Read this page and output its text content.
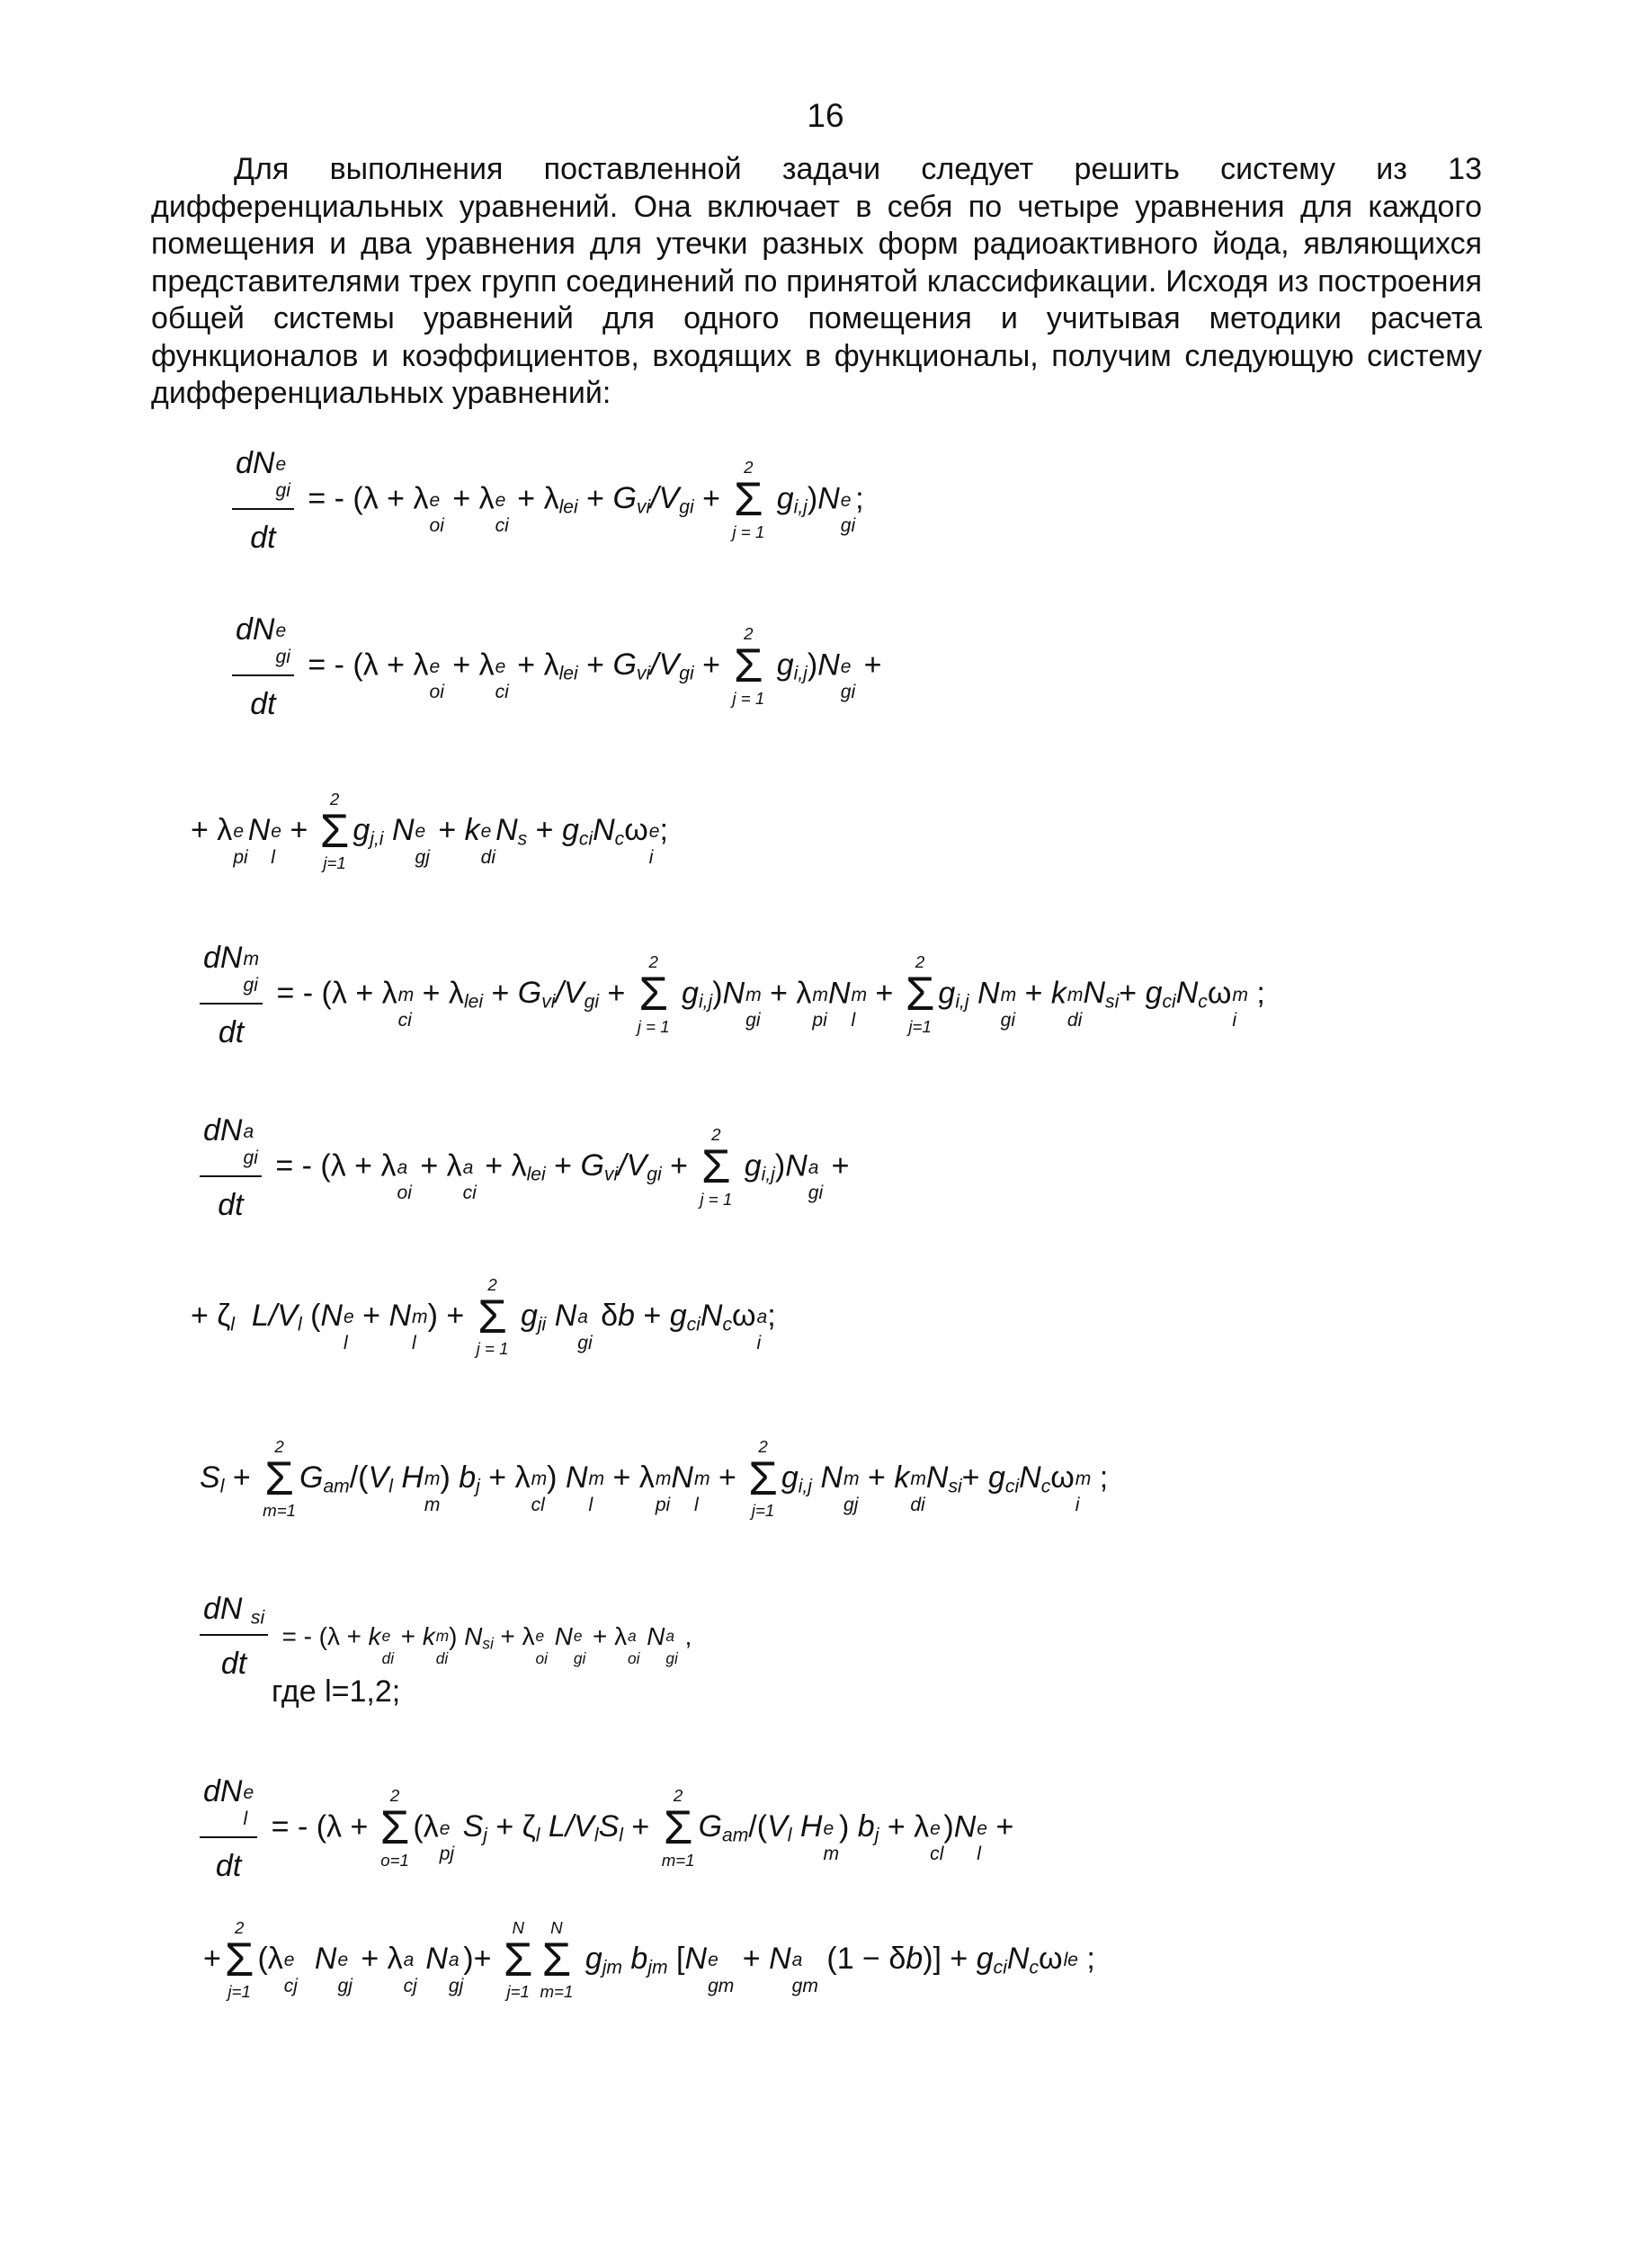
16

Для выполнения поставленной задачи следует решить систему из 13 дифференциальных уравнений. Она включает в себя по четыре уравнения для каждого помещения и два уравнения для утечки разных форм радиоактивного йода, являющихся представителями трех групп соединений по принятой классификации. Исходя из построения общей системы уравнений для одного помещения и учитывая методики расчета функционалов и коэффициентов, входящих в функционалы, получим следующую систему дифференциальных уравнений:

dN e
gi
dt = - (λ + λ e
oi
+ λ e
ci
+ $\lambda_{lei} + G_{vi}/V_{gi}$ +
2
Σ
j = 1
$g_{i,j})N$ e
gi
;
dN e
gi
dt = - (λ + λ e
oi
+ λ e
ci
+ $\lambda_{lei} + G_{vi}/V_{gi}$ +
2
Σ
j = 1
$g_{i,j})N$ e
gi
+
+ λ e
pi
N e
l
+
2
Σ
j=1
$g_{j,i}$ N e
gj
+ k e
di
$N_s + g_{ci}N_c\omega$ e
i
;
dN m
gi
dt = - (λ + λ m
ci
+ $\lambda_{lei} + G_{vi}/V_{gi}$ +
2
Σ
j = 1
$g_{i,j})N$ m
gi
+ λ m
pi
N m
l
+
2
Σ
j=1
$g_{i,j}$ N m
gi
+ k m
di
$N_{si}+ g_{ci}N_c\omega$ m
i
;
dN a
gi
dt = - (λ + λ a
oi
+ λ a
ci
+ $\lambda_{lei} + G_{vi}/V_{gi}$ +
2
Σ
j = 1
$g_{i,j})N$ a
gi
+
+ $\zeta_l$ $L/V_l$ (N e
l
+ N m
l
) +
2
Σ
j = 1
$g_{ji}$ N a
gi
$\delta b + g_{ci}N_c\omega$ a
i
;
$S_l$ +
2
Σ
m=1
$G_{am}/(V_l$ H m
m
) $b_j + \lambda$ m
cl
) N m
l
+ λ m
pi
N m
l
+
2
Σ
j=1
$g_{i,j}$ N m
gj
+ k m
di
$N_{si}+ g_{ci}N_c\omega$ m
i
;
$\frac{dN _{si}}{dt}$ = - (λ + k e
di
+ k m
di
) $N_{si} + \lambda$ e
oi
N e
gi
+ λ a
oi
N a
gi
,
где l=1,2;
dN e
l
dt = - (λ +
2
Σ
o=1
(λ e
pj
$S_j + \zeta_l$ $L/V_lS_l$ +
2
Σ
m=1
$G_{am}/(V_l$ H e
m
) $b_j + \lambda$ e
cl
)N e
l
+
+
2
Σ
j=1
(λ e
cj
N e
gj
+ λ a
cj
N a
gj
)+
N
Σ
j=1
N
Σ
m=1
$g_{jm}$ $b_{jm}$ [N e
gm
+ N a
gm
$(1 - \delta b)] + g_{ci}N_c\omega$ le
;
